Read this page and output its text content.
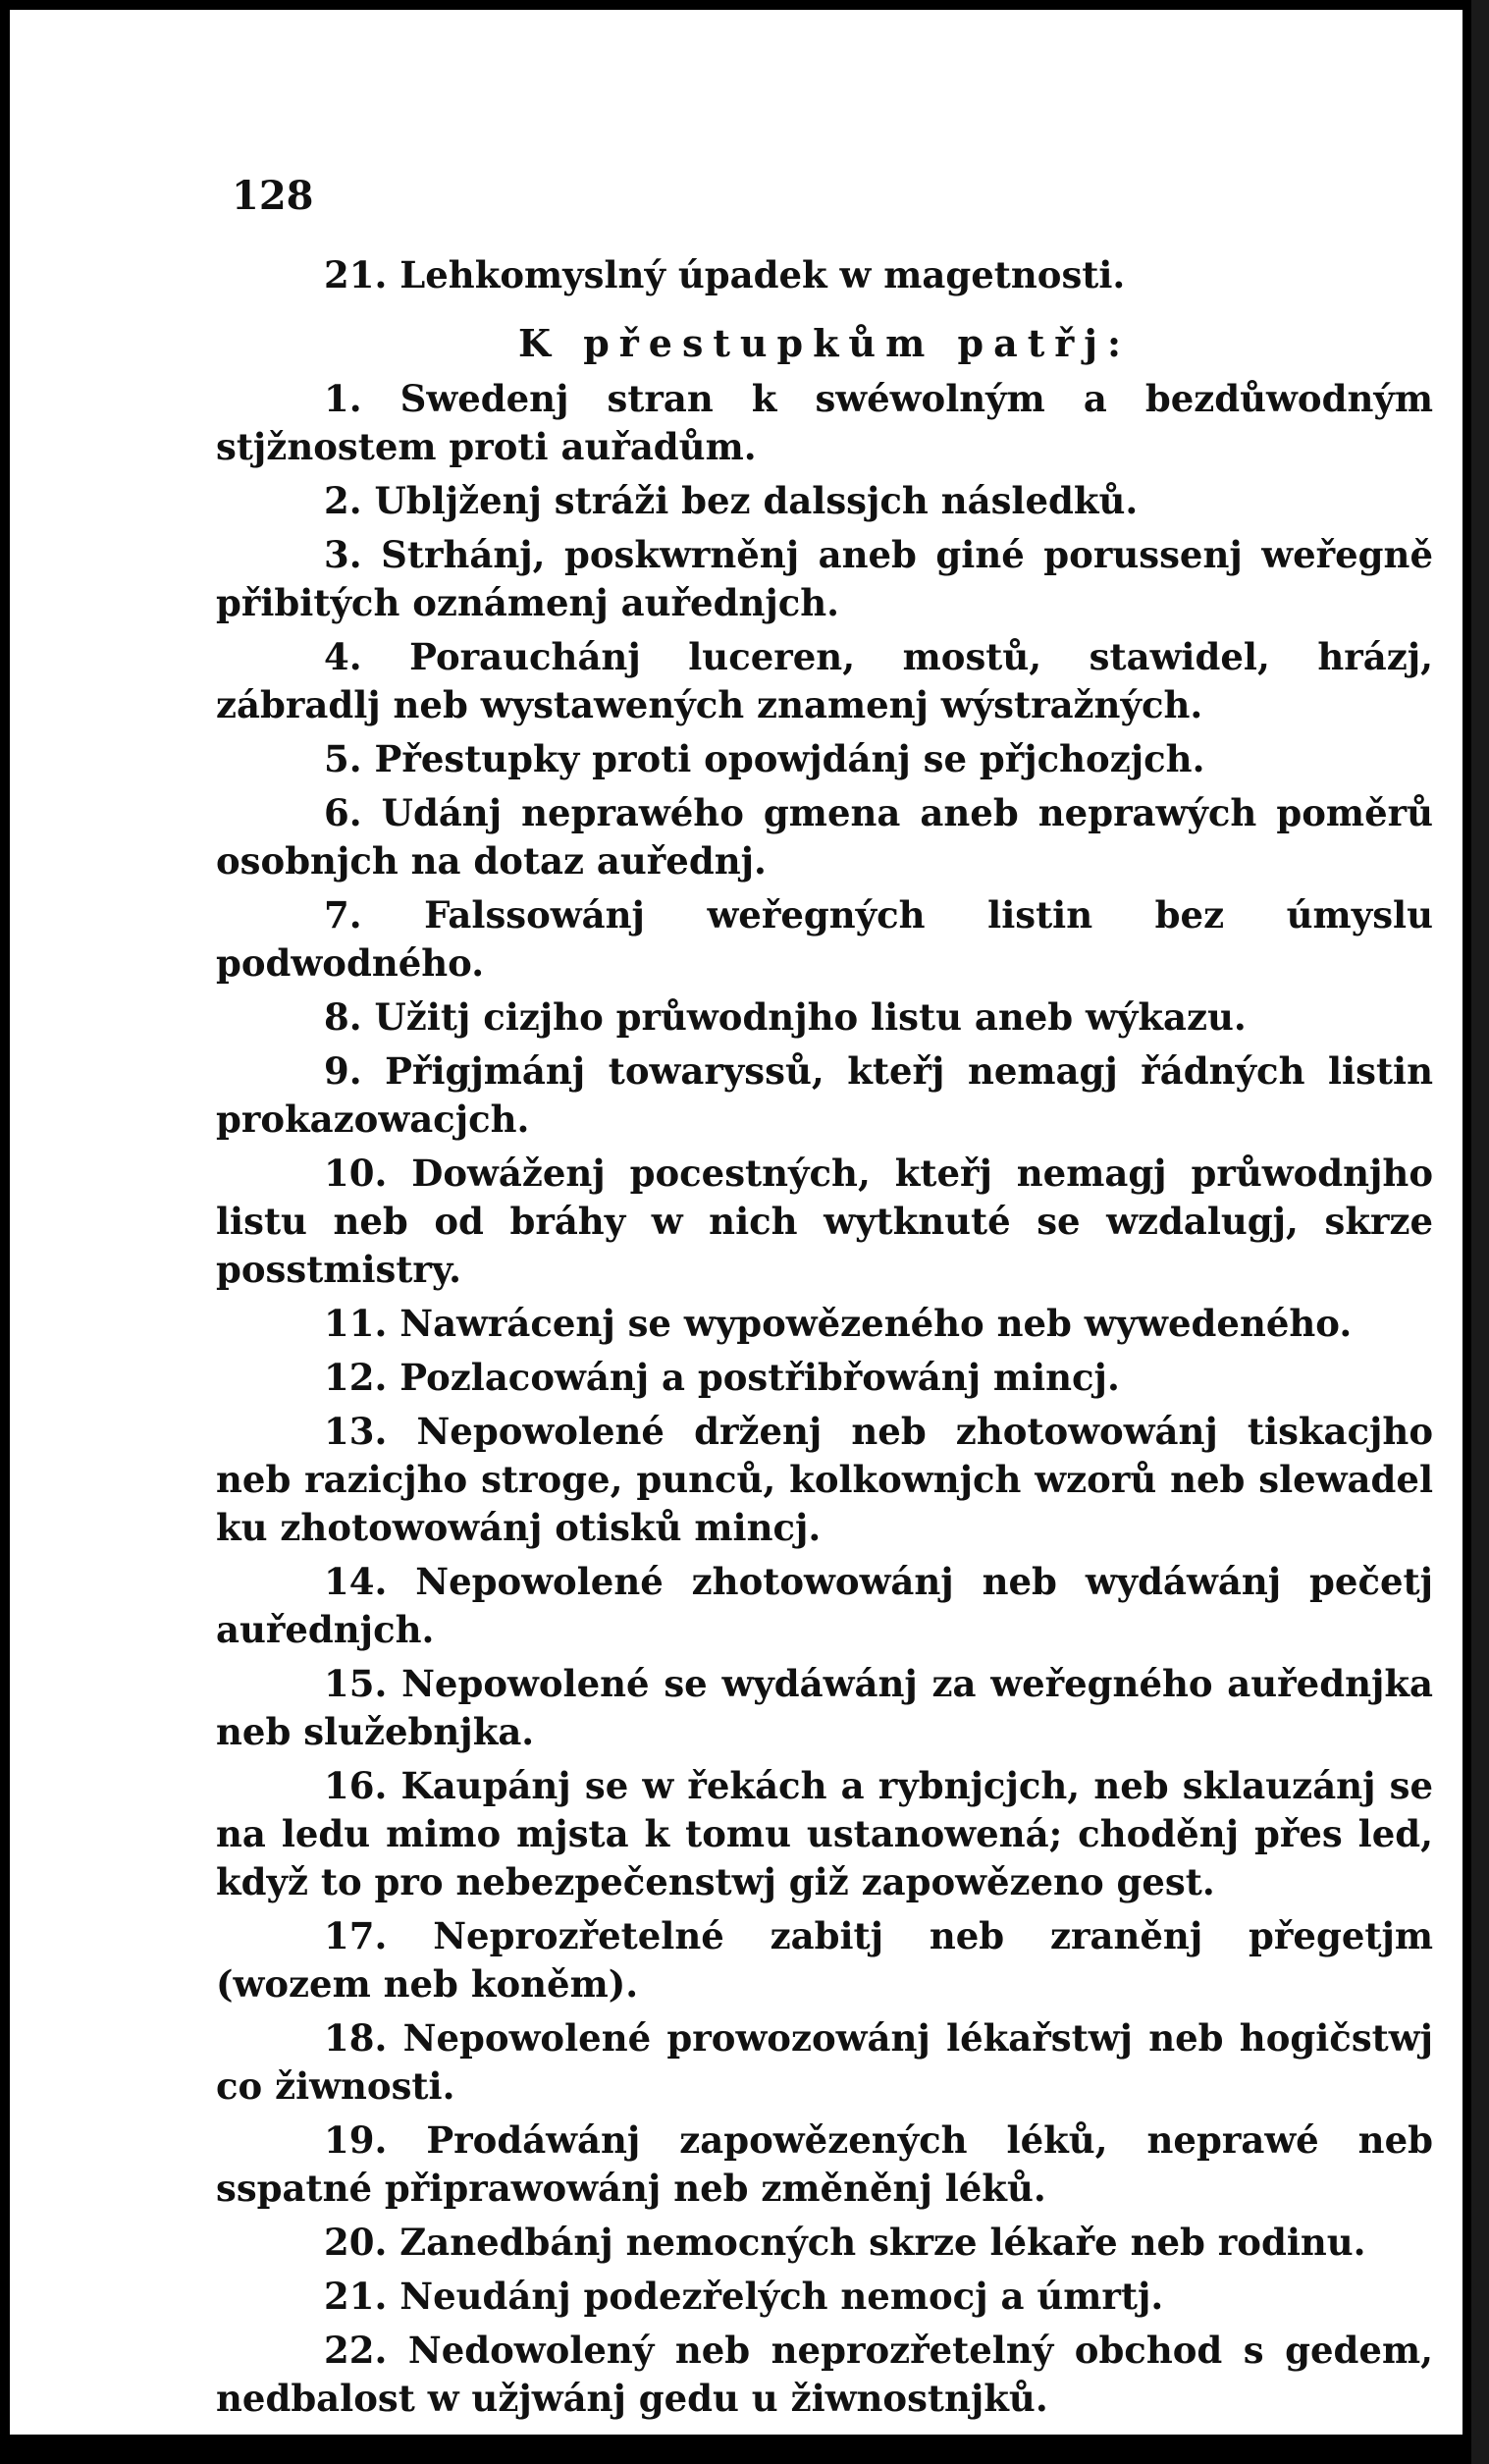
128

21. Lehkomyslný úpadek w magetnosti.

K přestupkům patřj:

1. Swedenj stran k swéwolným a bezdůwodným stjžnostem proti auřadům.

2. Ubljženj stráži bez dalssjch následků.

3. Strhánj, poskwrněnj aneb giné porussenj weřegně přibitých oznámenj auřednjch.

4. Porauchánj luceren, mostů, stawidel, hrázj, zábradlj neb wystawených znamenj wýstražných.

5. Přestupky proti opowjdánj se přjchozjch.

6. Udánj neprawého gmena aneb neprawých poměrů osobnjch na dotaz auřednj.

7. Falssowánj weřegných listin bez úmyslu podwodného.

8. Užitj cizjho průwodnjho listu aneb wýkazu.

9. Přigjmánj towaryssů, kteřj nemagj řádných listin prokazowacjch.

10. Dowáženj pocestných, kteřj nemagj průwodnjho listu neb od bráhy w nich wytknuté se wzdalugj, skrze posstmistry.

11. Nawrácenj se wypowězeného neb wywedeného.

12. Pozlacowánj a postřibřowánj mincj.

13. Nepowolené drženj neb zhotowowánj tiskacjho neb razicjho stroge, punců, kolkownjch wzorů neb slewadel ku zhotowowánj otisků mincj.

14. Nepowolené zhotowowánj neb wydáwánj pečetj auřednjch.

15. Nepowolené se wydáwánj za weřegného auřednjka neb služebnjka.

16. Kaupánj se w řekách a rybnjcjch, neb sklauzánj se na ledu mimo mjsta k tomu ustanowená; choděnj přes led, když to pro nebezpečenstwj giž zapowězeno gest.

17. Neprozřetelné zabitj neb zraněnj přegetjm (wozem neb koněm).

18. Nepowolené prowozowánj lékařstwj neb hogičstwj co žiwnosti.

19. Prodáwánj zapowězených léků, neprawé neb sspatné připrawowánj neb změněnj léků.

20. Zanedbánj nemocných skrze lékaře neb rodinu.

21. Neudánj podezřelých nemocj a úmrtj.

22. Nedowolený neb neprozřetelný obchod s gedem, nedbalost w užjwánj gedu u žiwnostnjků.
